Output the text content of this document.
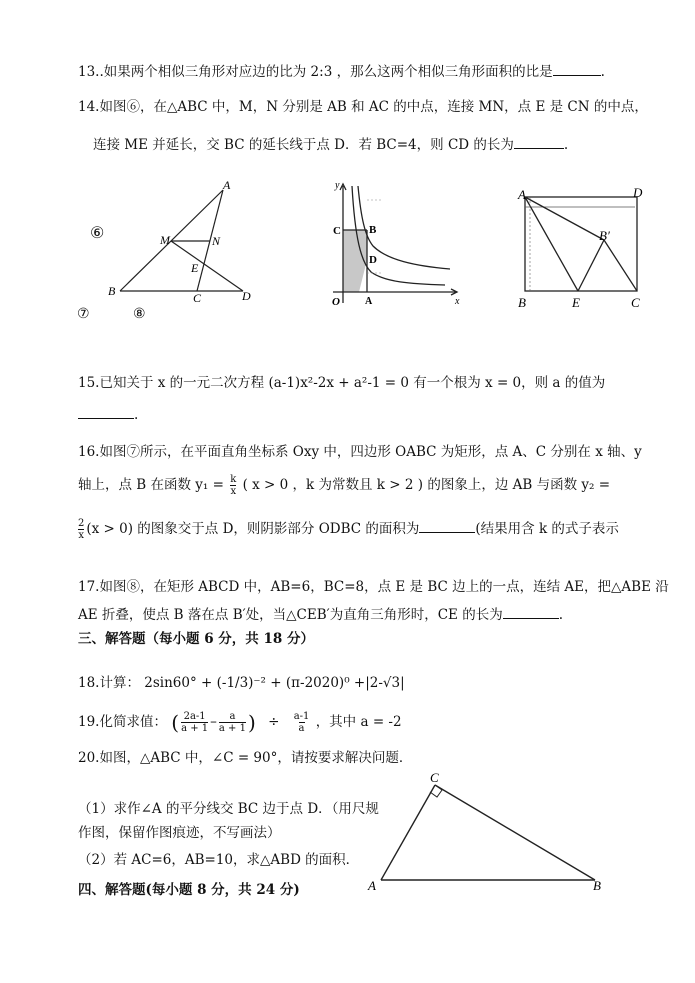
13..如果两个相似三角形对应边的比为 2:3 ，那么这两个相似三角形面积的比是	.
14.如图⑥，在△ABC 中，M，N 分别是 AB 和 AC 的中点，连接 MN，点 E 是 CN 的中点，
连接 ME 并延长，交 BC 的延长线于点 D．若 BC=4，则 CD 的长为	.
⑥
⑦	⑧
A
M	N
E
B	C	D
y
x
O	A
B
C
D
A	D
B′
B	E	C
15.已知关于 x 的一元二次方程 (a-1)x²-2x + a²-1 = 0 有一个根为 x = 0，则 a 的值为
.
16.如图⑦所示，在平面直角坐标系 Oxy 中，四边形 OABC 为矩形，点 A、C 分别在 x 轴、y
轴上，点 B 在函数 $y_1 = \frac{k}{x}$ ( x > 0 ，k 为常数且 k > 2 ) 的图象上，边 AB 与函数 y₂ =
$\frac{2}{x} (x > 0)$ 的图象交于点 D，则阴影部分 ODBC 的面积为	(结果用含 k 的式子表示
17.如图⑧，在矩形 ABCD 中，AB=6，BC=8，点 E 是 BC 边上的一点，连结 AE，把△ABE 沿
AE 折叠，使点 B 落在点 B′处，当△CEB′为直角三角形时，CE 的长为	.
三、解答题（每小题 6 分，共 18 分）
18.计算： 2sin60° + (-1/3)⁻² + (π-2020)⁰ +|2-√3|
19.化简求值： ( $\frac{2a-1}{a + 1} - \frac{a}{a + 1}$ ) ÷ $\frac{a-1}{a}$ ，其中 a = -2
20.如图，△ABC 中，∠C = 90°，请按要求解决问题．
（1）求作∠A 的平分线交 BC 边于点 D．（用尺规
作图，保留作图痕迹，不写画法）
（2）若 AC=6，AB=10，求△ABD 的面积．
四、解答题(每小题 8 分，共 24 分)
C
A	B
